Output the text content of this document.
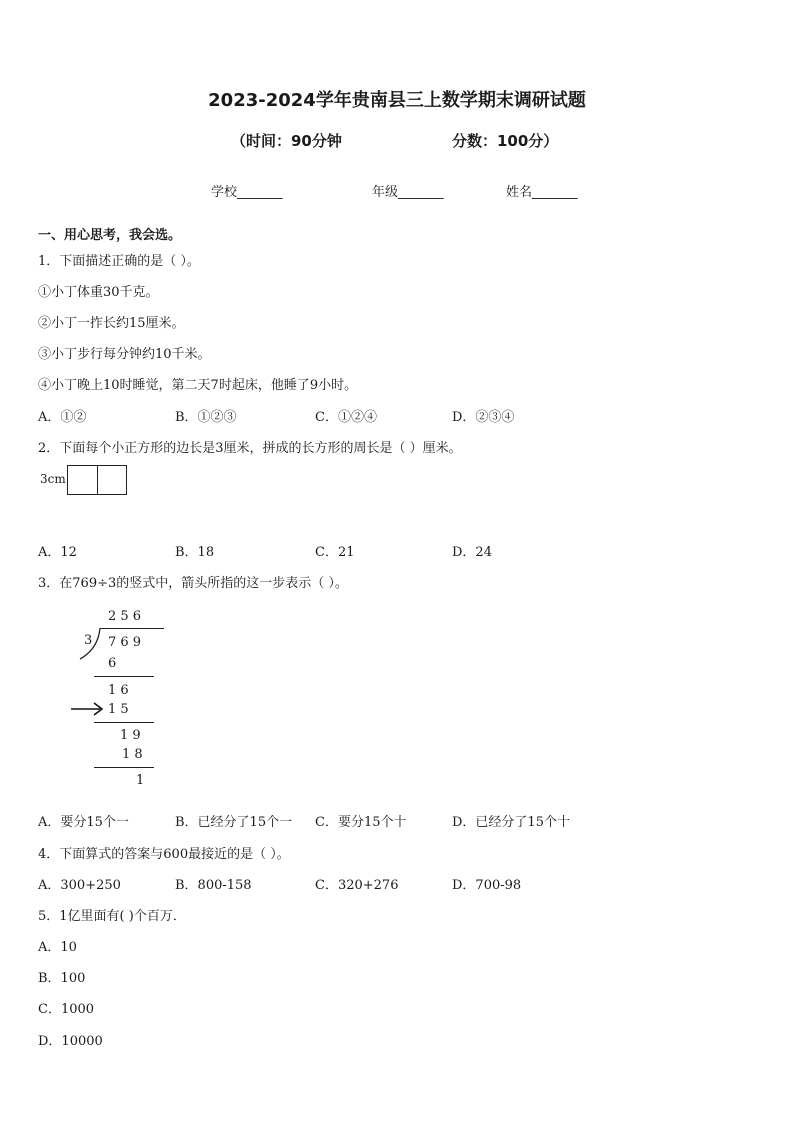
2023-2024学年贵南县三上数学期末调研试题
（时间：90分钟	分数：100分）
学校_______	年级_______	姓名_______
一、用心思考，我会选。
1．下面描述正确的是（ ）。
①小丁体重30千克。
②小丁一拃长约15厘米。
③小丁步行每分钟约10千米。
④小丁晚上10时睡觉，第二天7时起床，他睡了9小时。
A．①②	B．①②③	C．①②④	D．②③④
2．下面每个小正方形的边长是3厘米，拼成的长方形的周长是（ ）厘米。
3cm
A．12	B．18	C．21	D．24
3．在769÷3的竖式中，箭头所指的这一步表示（ ）。
2 5 6
3 7 6 9
6
1 6
1 5
1 9
1 8
1
A．要分15个一	B．已经分了15个一 C．要分15个十	D．已经分了15个十
4．下面算式的答案与600最接近的是（ ）。
A．300+250	B．800-158	C．320+276	D．700-98
5．1亿里面有( )个百万．
A．10
B．100
C．1000
D．10000
